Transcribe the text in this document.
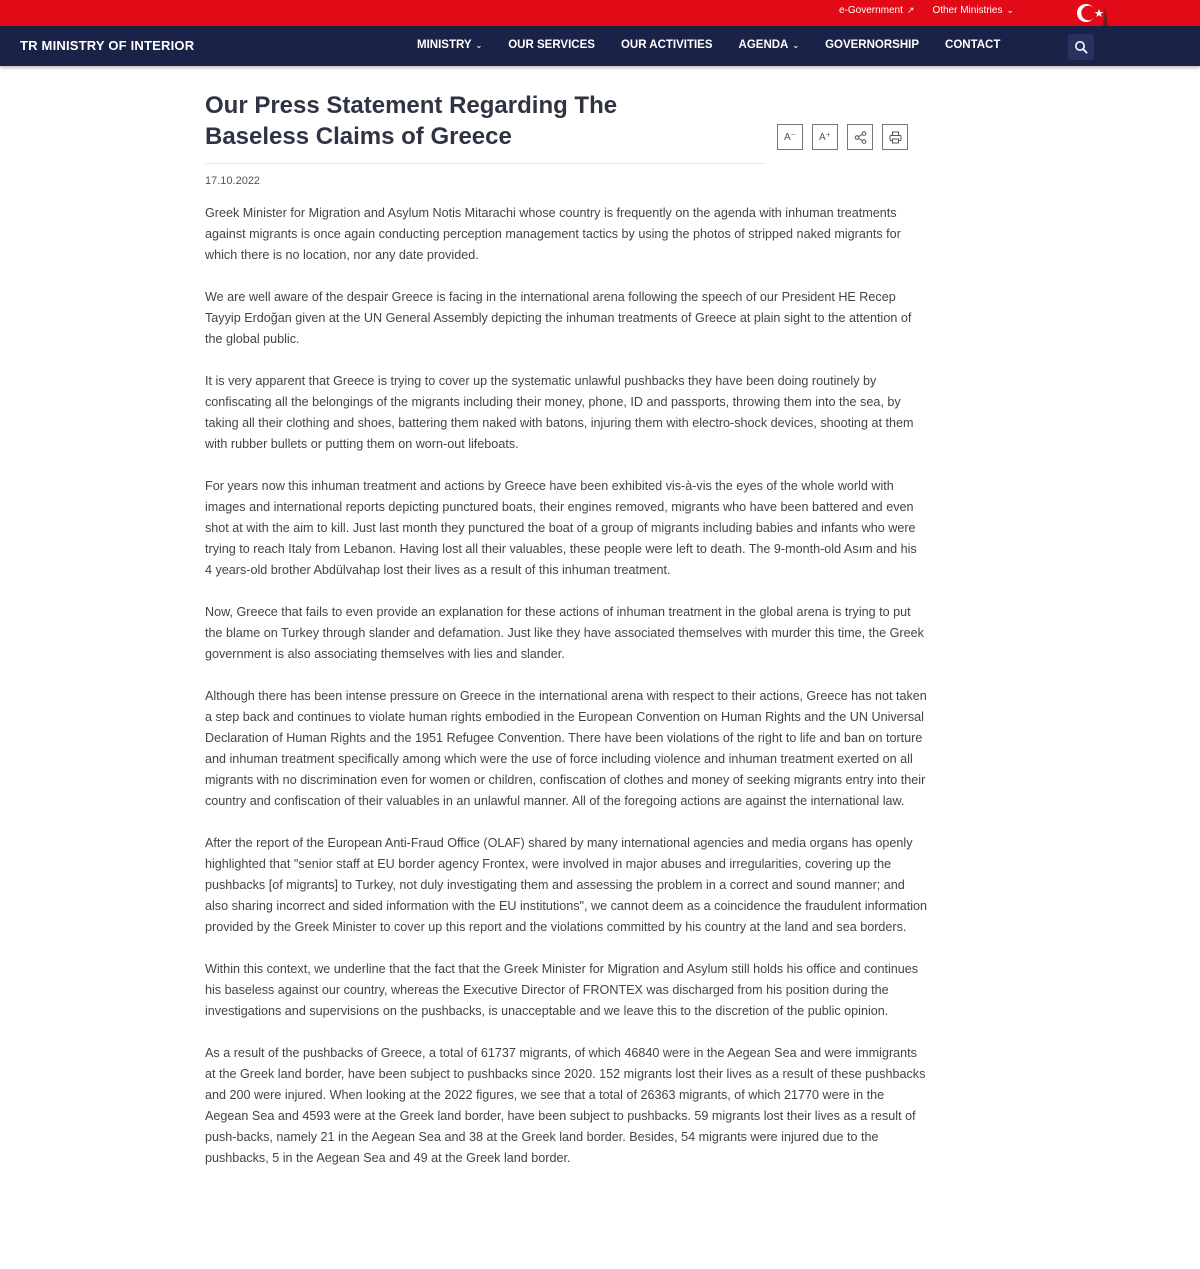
e-Government ↗ Other Ministries ⌄
TR MINISTRY OF INTERIOR	MINISTRY ⌄ OUR SERVICES OUR ACTIVITIES AGENDA ⌄ GOVERNORSHIP CONTACT
Our Press Statement Regarding The Baseless Claims of Greece	A⁻	A⁺
17.10.2022

Greek Minister for Migration and Asylum Notis Mitarachi whose country is frequently on the agenda with inhuman treatments against migrants is once again conducting perception management tactics by using the photos of stripped naked migrants for which there is no location, nor any date provided.

We are well aware of the despair Greece is facing in the international arena following the speech of our President HE Recep Tayyip Erdoğan given at the UN General Assembly depicting the inhuman treatments of Greece at plain sight to the attention of the global public.

It is very apparent that Greece is trying to cover up the systematic unlawful pushbacks they have been doing routinely by confiscating all the belongings of the migrants including their money, phone, ID and passports, throwing them into the sea, by taking all their clothing and shoes, battering them naked with batons, injuring them with electro-shock devices, shooting at them with rubber bullets or putting them on worn-out lifeboats.

For years now this inhuman treatment and actions by Greece have been exhibited vis-à-vis the eyes of the whole world with images and international reports depicting punctured boats, their engines removed, migrants who have been battered and even shot at with the aim to kill. Just last month they punctured the boat of a group of migrants including babies and infants who were trying to reach Italy from Lebanon. Having lost all their valuables, these people were left to death. The 9-month-old Asım and his 4 years-old brother Abdülvahap lost their lives as a result of this inhuman treatment.

Now, Greece that fails to even provide an explanation for these actions of inhuman treatment in the global arena is trying to put the blame on Turkey through slander and defamation. Just like they have associated themselves with murder this time, the Greek government is also associating themselves with lies and slander.

Although there has been intense pressure on Greece in the international arena with respect to their actions, Greece has not taken a step back and continues to violate human rights embodied in the European Convention on Human Rights and the UN Universal Declaration of Human Rights and the 1951 Refugee Convention. There have been violations of the right to life and ban on torture and inhuman treatment specifically among which were the use of force including violence and inhuman treatment exerted on all migrants with no discrimination even for women or children, confiscation of clothes and money of seeking migrants entry into their country and confiscation of their valuables in an unlawful manner. All of the foregoing actions are against the international law.

After the report of the European Anti-Fraud Office (OLAF) shared by many international agencies and media organs has openly highlighted that "senior staff at EU border agency Frontex, were involved in major abuses and irregularities, covering up the pushbacks [of migrants] to Turkey, not duly investigating them and assessing the problem in a correct and sound manner; and also sharing incorrect and sided information with the EU institutions", we cannot deem as a coincidence the fraudulent information provided by the Greek Minister to cover up this report and the violations committed by his country at the land and sea borders.

Within this context, we underline that the fact that the Greek Minister for Migration and Asylum still holds his office and continues his baseless against our country, whereas the Executive Director of FRONTEX was discharged from his position during the investigations and supervisions on the pushbacks, is unacceptable and we leave this to the discretion of the public opinion.

As a result of the pushbacks of Greece, a total of 61737 migrants, of which 46840 were in the Aegean Sea and were immigrants at the Greek land border, have been subject to pushbacks since 2020. 152 migrants lost their lives as a result of these pushbacks and 200 were injured. When looking at the 2022 figures, we see that a total of 26363 migrants, of which 21770 were in the Aegean Sea and 4593 were at the Greek land border, have been subject to pushbacks. 59 migrants lost their lives as a result of push-backs, namely 21 in the Aegean Sea and 38 at the Greek land border. Besides, 54 migrants were injured due to the pushbacks, 5 in the Aegean Sea and 49 at the Greek land border.
